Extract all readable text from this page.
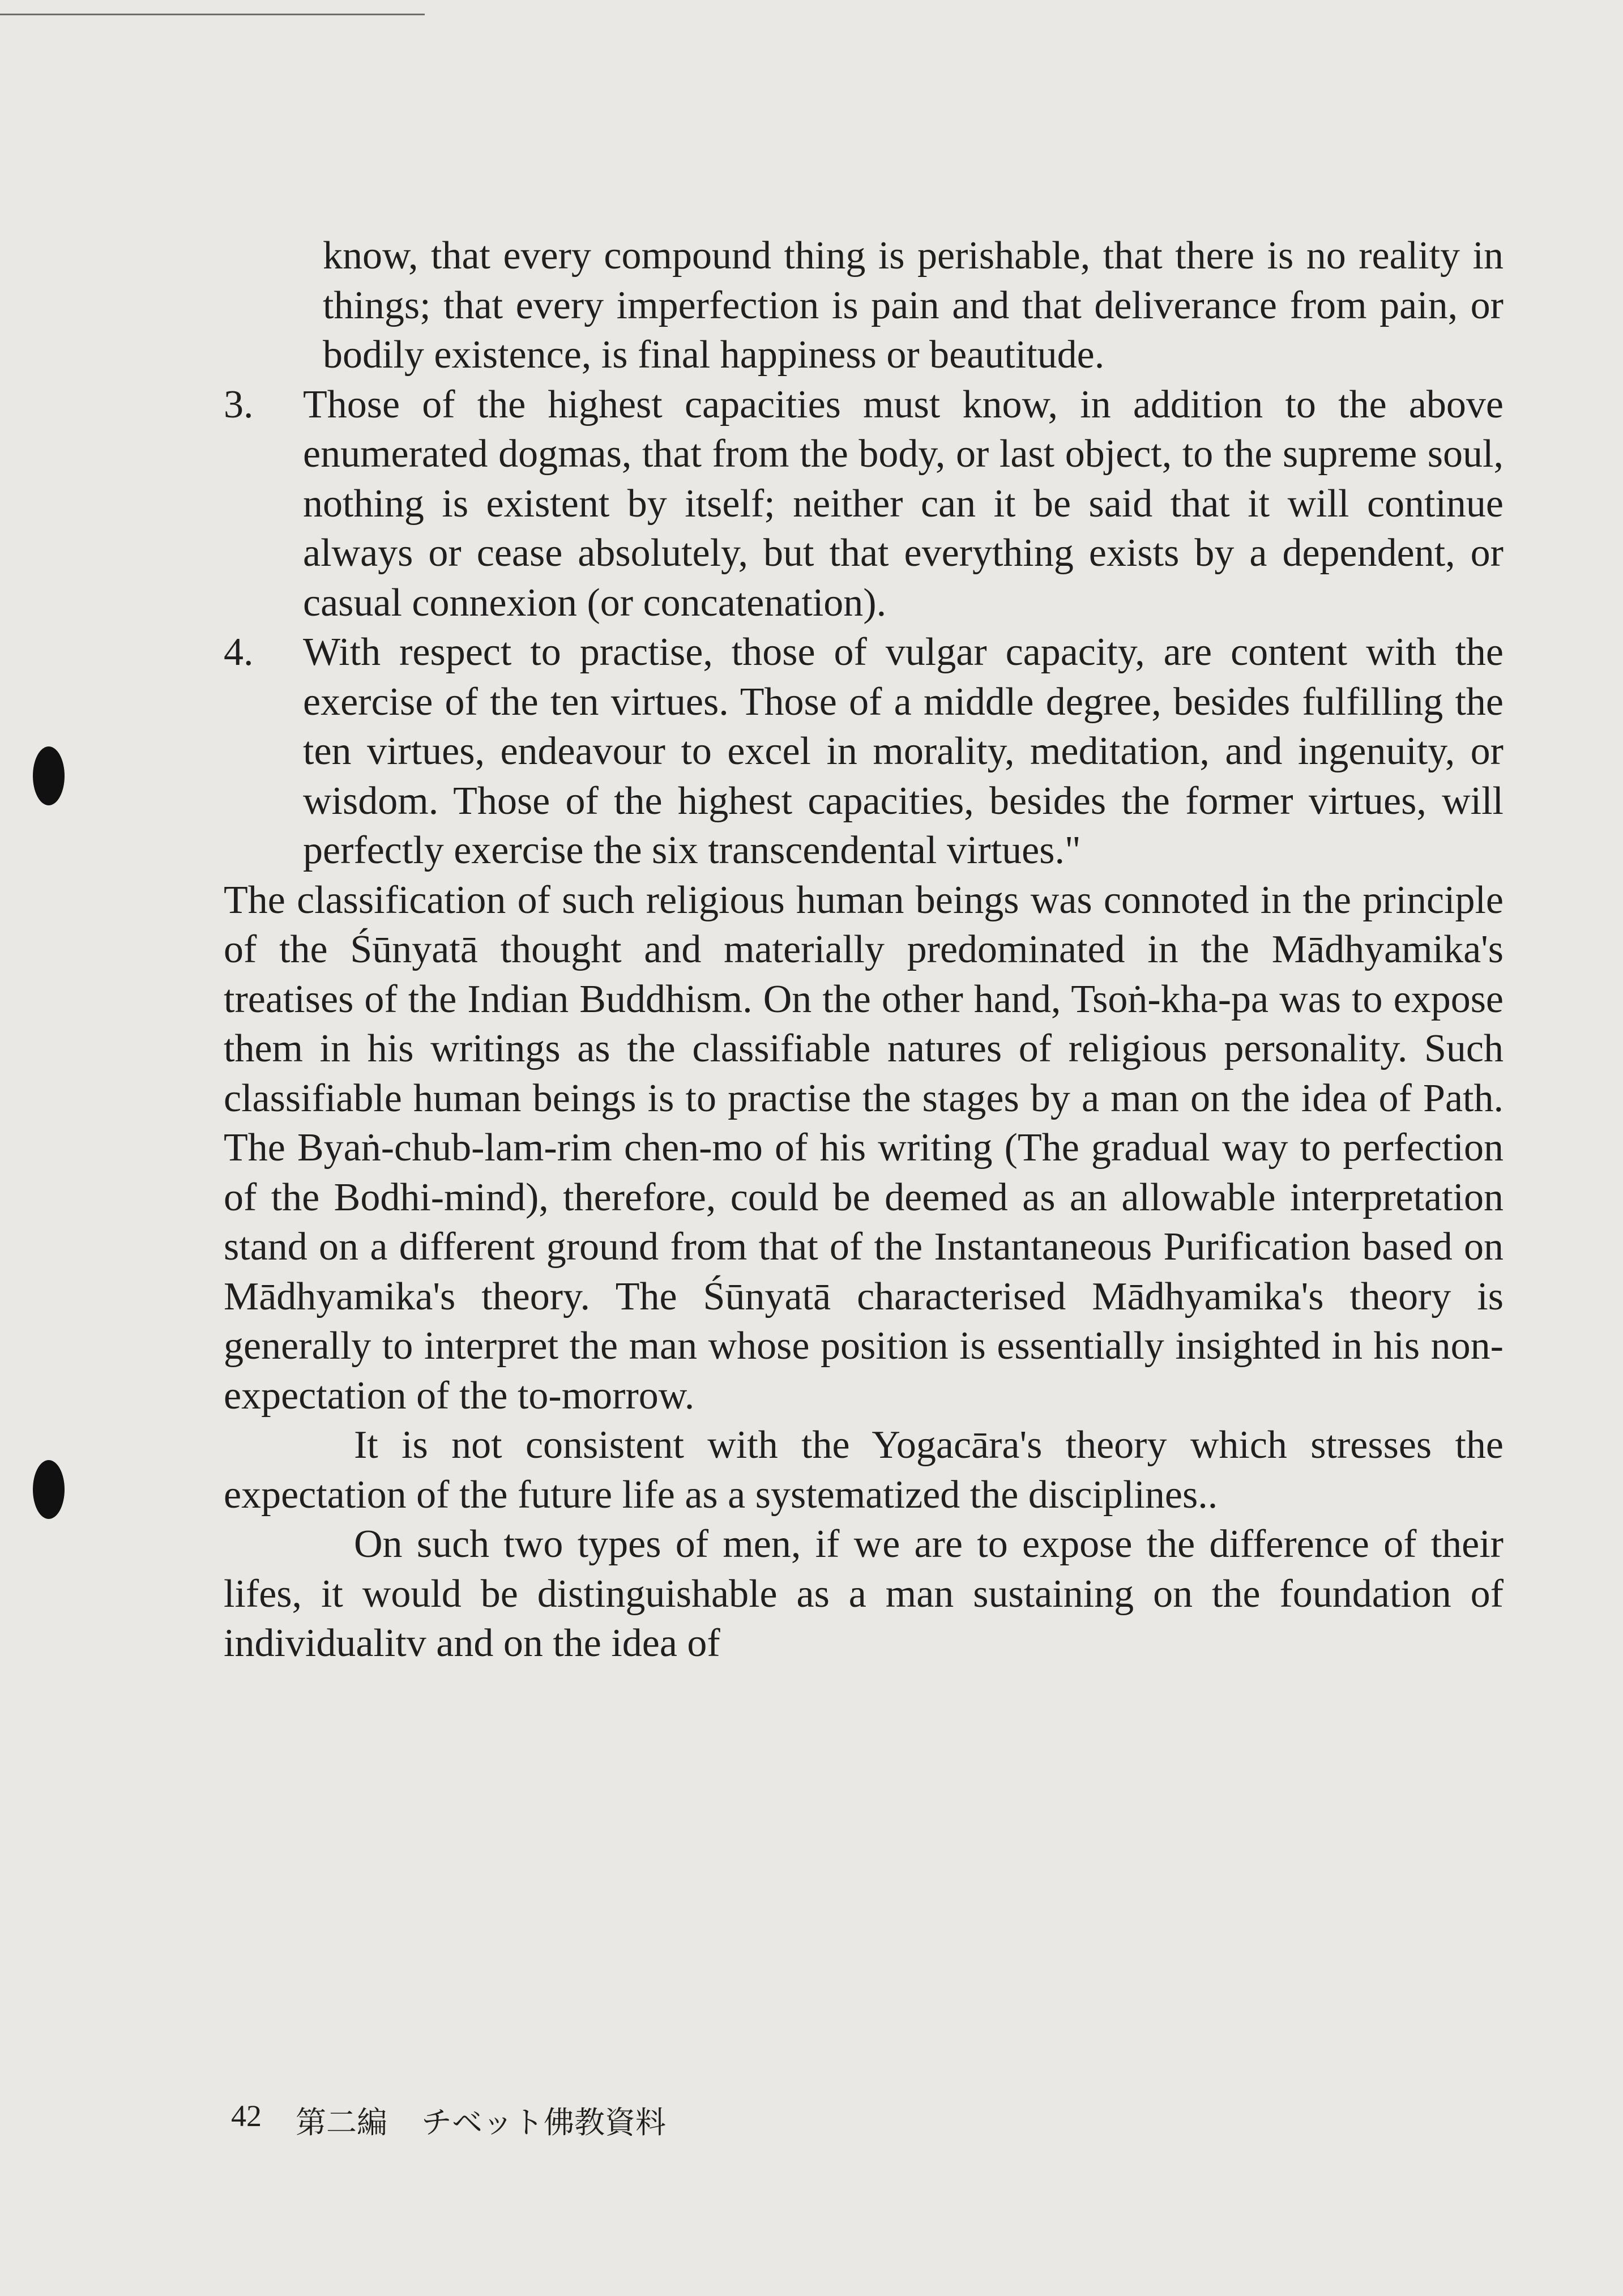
know, that every compound thing is perishable, that there is no reality in things; that every imperfection is pain and that deliverance from pain, or bodily existence, is final happiness or beautitude.

3.	Those of the highest capacities must know, in addition to the above enumerated dogmas, that from the body, or last object, to the supreme soul, nothing is existent by itself; neither can it be said that it will continue always or cease absolutely, but that everything exists by a dependent, or casual connexion (or concatenation).
4.	With respect to practise, those of vulgar capacity, are content with the exercise of the ten virtues. Those of a middle degree, besides fulfilling the ten virtues, endeavour to excel in morality, meditation, and ingenuity, or wisdom. Those of the highest capacities, besides the former virtues, will perfectly exercise the six transcendental virtues."

The classification of such religious human beings was connoted in the principle of the Śūnyatā thought and materially predominated in the Mādhyamika's treatises of the Indian Buddhism. On the other hand, Tsoṅ-kha-pa was to expose them in his writings as the classifiable natures of religious personality. Such classifiable human beings is to practise the stages by a man on the idea of Path. The Byaṅ-chub-lam-rim chen-mo of his writing (The gradual way to perfection of the Bodhi-mind), therefore, could be deemed as an allowable interpretation stand on a different ground from that of the Instantaneous Purification based on Mādhyamika's theory. The Śūnyatā characterised Mādhyamika's theory is generally to interpret the man whose position is essentially insighted in his non-expectation of the to-morrow.

It is not consistent with the Yogacāra's theory which stresses the expectation of the future life as a systematized the disciplines..

On such two types of men, if we are to expose the difference of their lifes, it would be distinguishable as a man sustaining on the foundation of individualitv and on the idea of

42 第二編 チベット佛教資料
